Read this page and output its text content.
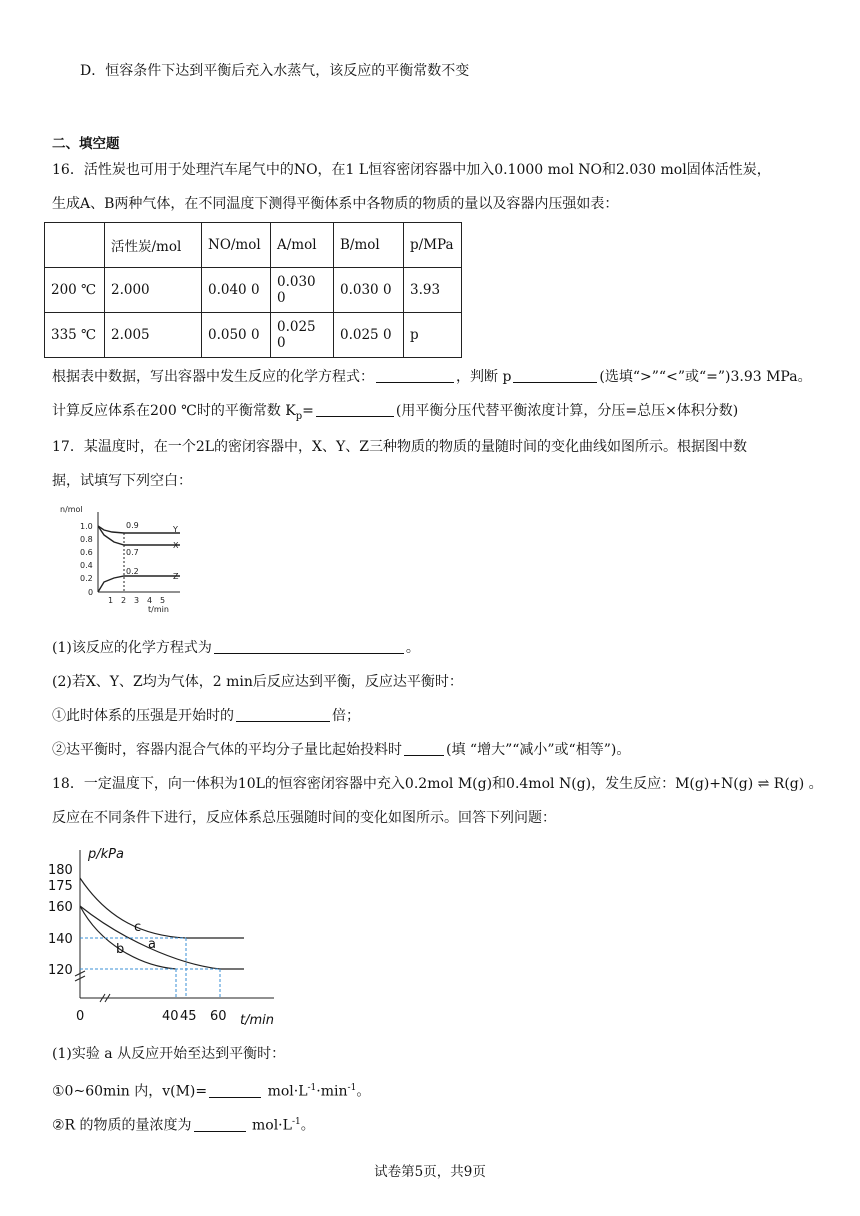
D．恒容条件下达到平衡后充入水蒸气，该反应的平衡常数不变
二、填空题
16．活性炭也可用于处理汽车尾气中的NO，在1 L恒容密闭容器中加入0.1000 mol NO和2.030 mol固体活性炭，
生成A、B两种气体，在不同温度下测得平衡体系中各物质的物质的量以及容器内压强如表：
	活性炭/mol	NO/mol	A/mol	B/mol	p/MPa
200 ℃	2.000	0.040 0	0.030 0	0.030 0	3.93
335 ℃	2.005	0.050 0	0.025 0	0.025 0	p
根据表中数据，写出容器中发生反应的化学方程式：	，判断 p	(选填“>”“<”或“=”)3.93 MPa。
计算反应体系在200 ℃时的平衡常数 $K_p=$	(用平衡分压代替平衡浓度计算，分压=总压×体积分数)
17．某温度时，在一个2L的密闭容器中，X、Y、Z三种物质的物质的量随时间的变化曲线如图所示。根据图中数
据，试填写下列空白：
n/mol
t/min
1.0
0.8
0.6
0.4
0.2
0
1 2 3 4 5
0.9
0.7
0.2
Y
X
Z
(1)该反应的化学方程式为	。
(2)若X、Y、Z均为气体，2 min后反应达到平衡，反应达平衡时：
①此时体系的压强是开始时的	倍；
②达平衡时，容器内混合气体的平均分子量比起始投料时	(填 “增大”“减小”或“相等”)。
18．一定温度下，向一体积为10L的恒容密闭容器中充入0.2mol M(g)和0.4mol N(g)，发生反应：M(g)+N(g) ⇌ R(g) 。
反应在不同条件下进行，反应体系总压强随时间的变化如图所示。回答下列问题：
p/kPa
t/min
180
175
160
140
120
0	40 45 60
c
a
b
(1)实验 a 从反应开始至达到平衡时：
①0~60min 内，v(M)=	$mol\cdot L^{-1}\cdot\min^{-1}$。
②R 的物质的量浓度为	$mol\cdot L^{-1}$。
试卷第5页，共9页
